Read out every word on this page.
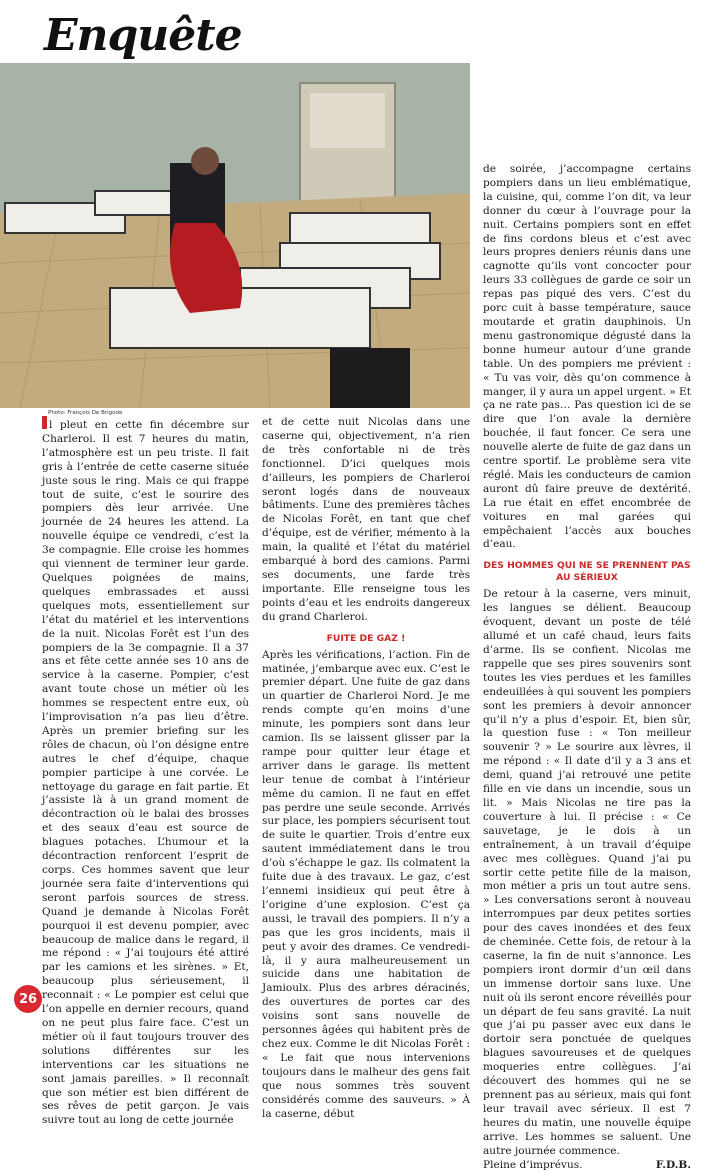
Enquête
Photo: François De Brigode

l pleut en cette fin décembre sur Charleroi. Il est 7 heures du matin, l’atmosphère est un peu triste. Il fait gris à l’entrée de cette caserne située juste sous le ring. Mais ce qui frappe tout de suite, c’est le sourire des pompiers dès leur arrivée. Une journée de 24 heures les attend. La nouvelle équipe ce vendredi, c’est la 3e compagnie. Elle croise les hommes qui viennent de terminer leur garde. Quelques poignées de mains, quelques embrassades et aussi quelques mots, essentiellement sur l’état du matériel et les interventions de la nuit. Nicolas Forêt est l’un des pompiers de la 3e compagnie. Il a 37 ans et fête cette année ses 10 ans de service à la caserne. Pompier, c’est avant toute chose un métier où les hommes se respectent entre eux, où l’improvisation n’a pas lieu d’être. Après un premier briefing sur les rôles de chacun, où l’on désigne entre autres le chef d’équipe, chaque pompier participe à une corvée. Le nettoyage du garage en fait partie. Et j’assiste là à un grand moment de décontraction où le balai des brosses et des seaux d’eau est source de blagues potaches. L’humour et la décontraction renforcent l’esprit de corps. Ces hommes savent que leur journée sera faite d’interventions qui seront parfois sources de stress. Quand je demande à Nicolas Forêt pourquoi il est devenu pompier, avec beaucoup de malice dans le regard, il me répond : « J’ai toujours été attiré par les camions et les sirènes. » Et, beaucoup plus sérieusement, il reconnait : « Le pompier est celui que l’on appelle en dernier recours, quand on ne peut plus faire face. C’est un métier où il faut toujours trouver des solutions différentes sur les interventions car les situations ne sont jamais pareilles. » Il reconnaît que son métier est bien différent de ses rêves de petit garçon. Je vais suivre tout au long de cette journée

et de cette nuit Nicolas dans une caserne qui, objectivement, n’a rien de très confortable ni de très fonctionnel. D’ici quelques mois d’ailleurs, les pompiers de Charleroi seront logés dans de nouveaux bâtiments. L’une des premières tâches de Nicolas Forêt, en tant que chef d’équipe, est de vérifier, mémento à la main, la qualité et l’état du matériel embarqué à bord des camions. Parmi ses documents, une farde très importante. Elle renseigne tous les points d’eau et les endroits dangereux du grand Charleroi.

FUITE DE GAZ !

Après les vérifications, l’action. Fin de matinée, j’embarque avec eux. C’est le premier départ. Une fuite de gaz dans un quartier de Charleroi Nord. Je me rends compte qu’en moins d’une minute, les pompiers sont dans leur camion. Ils se laissent glisser par la rampe pour quitter leur étage et arriver dans le garage. Ils mettent leur tenue de combat à l’intérieur même du camion. Il ne faut en effet pas perdre une seule seconde. Arrivés sur place, les pompiers sécurisent tout de suite le quartier. Trois d’entre eux sautent immédiatement dans le trou d’où s’échappe le gaz. Ils colmatent la fuite due à des travaux. Le gaz, c’est l’ennemi insidieux qui peut être à l’origine d’une explosion. C’est ça aussi, le travail des pompiers. Il n’y a pas que les gros incidents, mais il peut y avoir des drames. Ce vendredi-là, il y aura malheureusement un suicide dans une habitation de Jamioulx. Plus des arbres déracinés, des ouvertures de portes car des voisins sont sans nouvelle de personnes âgées qui habitent près de chez eux. Comme le dit Nicolas Forêt : « Le fait que nous intervenions toujours dans le malheur des gens fait que nous sommes très souvent considérés comme des sauveurs. » À la caserne, début

de soirée, j’accompagne certains pompiers dans un lieu emblématique, la cuisine, qui, comme l’on dit, va leur donner du cœur à l’ouvrage pour la nuit. Certains pompiers sont en effet de fins cordons bleus et c’est avec leurs propres deniers réunis dans une cagnotte qu’ils vont concocter pour leurs 33 collègues de garde ce soir un repas pas piqué des vers. C’est du porc cuit à basse température, sauce moutarde et gratin dauphinois. Un menu gastronomique dégusté dans la bonne humeur autour d’une grande table. Un des pompiers me prévient : « Tu vas voir, dès qu’on commence à manger, il y aura un appel urgent. » Et ça ne rate pas… Pas question ici de se dire que l’on avale la dernière bouchée, il faut foncer. Ce sera une nouvelle alerte de fuite de gaz dans un centre sportif. Le problème sera vite réglé. Mais les conducteurs de camion auront dû faire preuve de dextérité. La rue était en effet encombrée de voitures en mal garées qui empêchaient l’accès aux bouches d’eau.

DES HOMMES QUI NE SE PRENNENT PAS AU SÉRIEUX

De retour à la caserne, vers minuit, les langues se délient. Beaucoup évoquent, devant un poste de télé allumé et un café chaud, leurs faits d’arme. Ils se confient. Nicolas me rappelle que ses pires souvenirs sont toutes les vies perdues et les familles endeuillées à qui souvent les pompiers sont les premiers à devoir annoncer qu’il n’y a plus d’espoir. Et, bien sûr, la question fuse : « Ton meilleur souvenir ? » Le sourire aux lèvres, il me répond : « Il date d’il y a 3 ans et demi, quand j’ai retrouvé une petite fille en vie dans un incendie, sous un lit. » Mais Nicolas ne tire pas la couverture à lui. Il précise : « Ce sauvetage, je le dois à un entraînement, à un travail d’équipe avec mes collègues. Quand j’ai pu sortir cette petite fille de la maison, mon métier a pris un tout autre sens. » Les conversations seront à nouveau interrompues par deux petites sorties pour des caves inondées et des feux de cheminée. Cette fois, de retour à la caserne, la fin de nuit s’annonce. Les pompiers iront dormir d’un œil dans un immense dortoir sans luxe. Une nuit où ils seront encore réveillés pour un départ de feu sans gravité. La nuit que j’ai pu passer avec eux dans le dortoir sera ponctuée de quelques blagues savoureuses et de quelques moqueries entre collègues. J’ai découvert des hommes qui ne se prennent pas au sérieux, mais qui font leur travail avec sérieux. Il est 7 heures du matin, une nouvelle équipe arrive. Les hommes se saluent. Une autre journée commence.

Pleine d’imprévus.	F.D.B.
26
